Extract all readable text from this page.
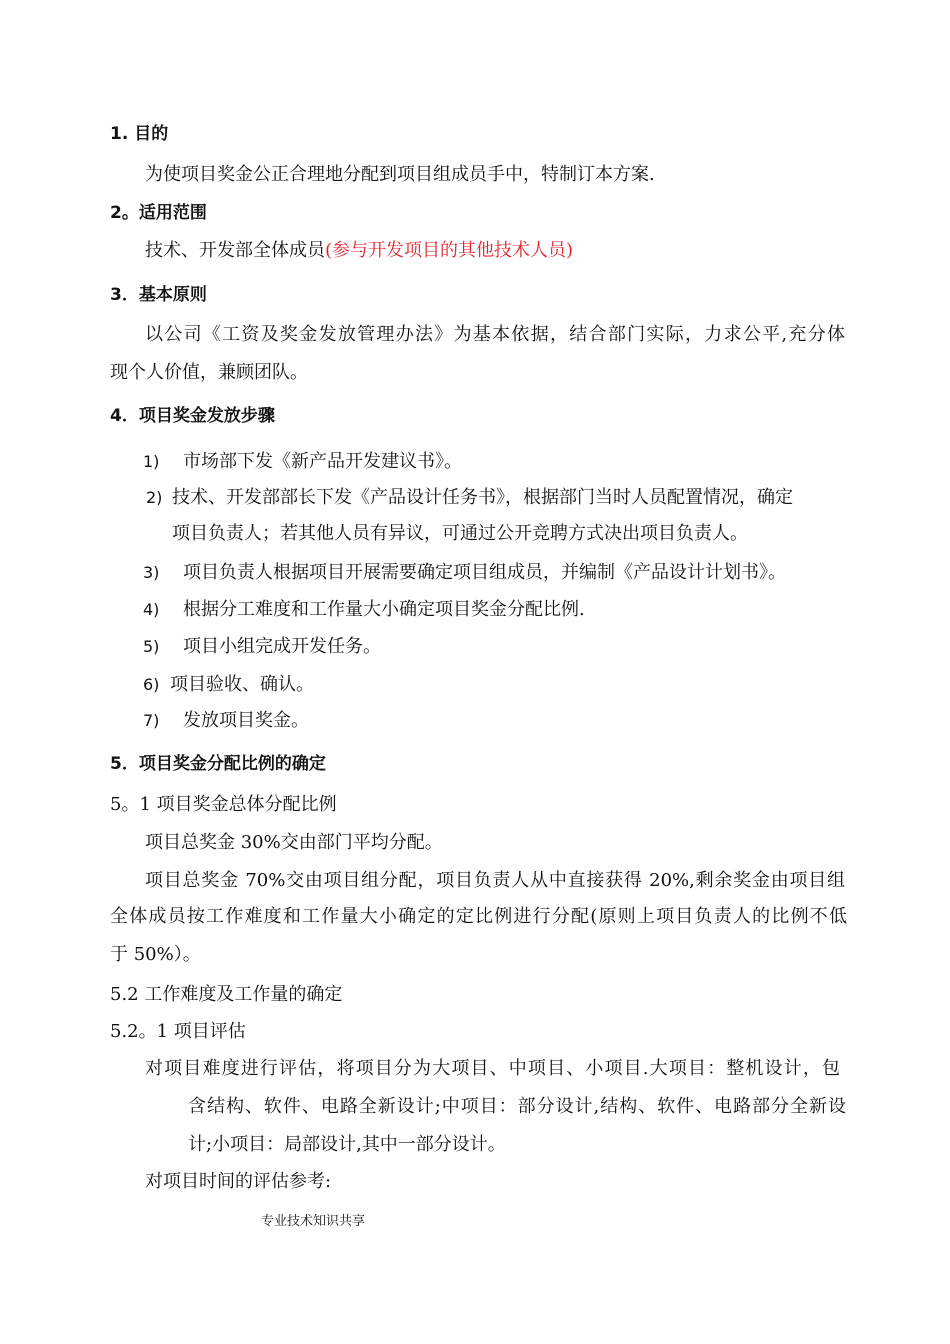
1. 目的
为使项目奖金公正合理地分配到项目组成员手中，特制订本方案.
2。适用范围
技术、开发部全体成员(参与开发项目的其他技术人员)
3．基本原则
以公司《工资及奖金发放管理办法》为基本依据，结合部门实际，力求公平,充分体
现个人价值，兼顾团队。
4．项目奖金发放步骤
1) 市场部下发《新产品开发建议书》。
2) 技术、开发部部长下发《产品设计任务书》，根据部门当时人员配置情况，确定
项目负责人；若其他人员有异议，可通过公开竞聘方式决出项目负责人。
3) 项目负责人根据项目开展需要确定项目组成员，并编制《产品设计计划书》。
4) 根据分工难度和工作量大小确定项目奖金分配比例.
5) 项目小组完成开发任务。
6) 项目验收、确认。
7) 发放项目奖金。
5．项目奖金分配比例的确定
5。1 项目奖金总体分配比例
项目总奖金 30%交由部门平均分配。
项目总奖金 70%交由项目组分配，项目负责人从中直接获得 20%,剩余奖金由项目组
全体成员按工作难度和工作量大小确定的定比例进行分配(原则上项目负责人的比例不低
于 50%）。
5.2 工作难度及工作量的确定
5.2。1 项目评估
对项目难度进行评估，将项目分为大项目、中项目、小项目.大项目：整机设计，包
含结构、软件、电路全新设计;中项目：部分设计,结构、软件、电路部分全新设
计;小项目：局部设计,其中一部分设计。
对项目时间的评估参考:
专业技术知识共享
